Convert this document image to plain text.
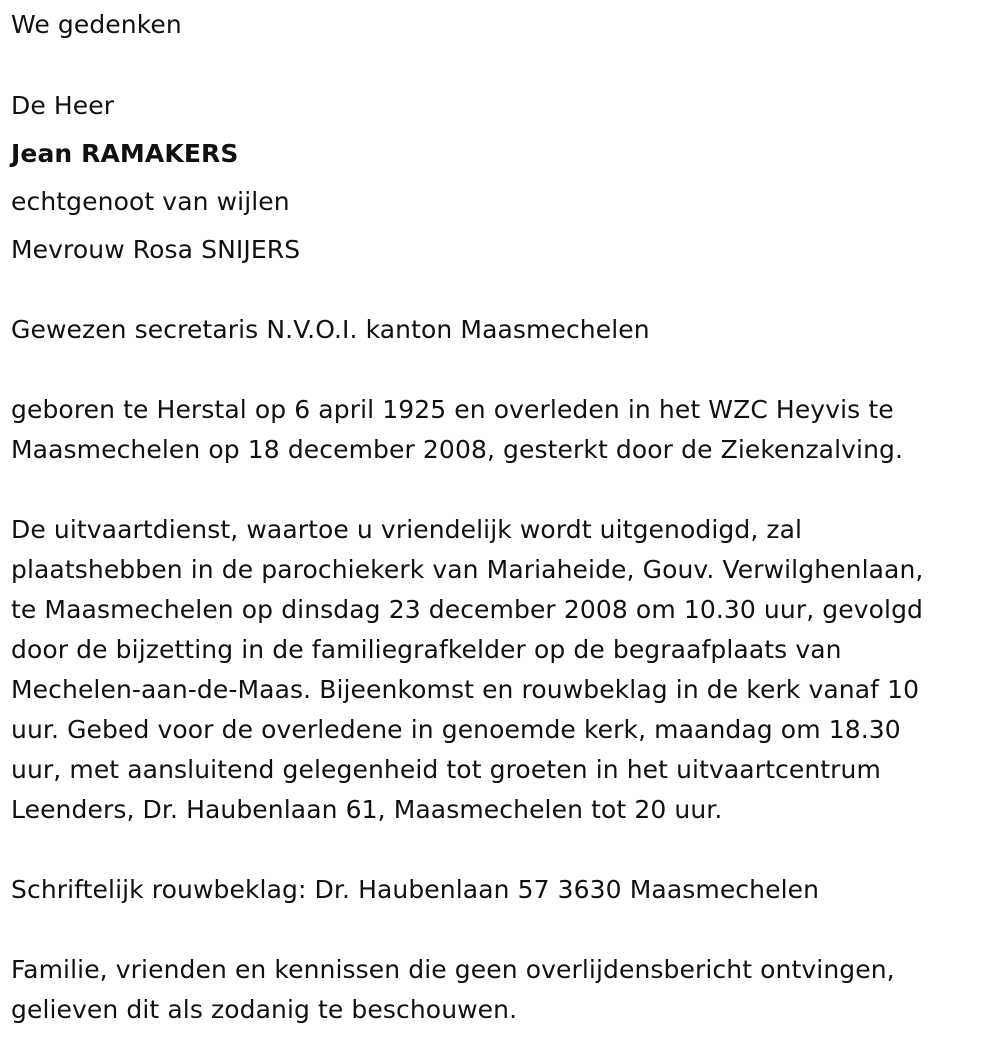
We gedenken
De Heer
Jean RAMAKERS
echtgenoot van wijlen
Mevrouw Rosa SNIJERS
Gewezen secretaris N.V.O.I. kanton Maasmechelen
geboren te Herstal op 6 april 1925 en overleden in het WZC Heyvis te
Maasmechelen op 18 december 2008, gesterkt door de Ziekenzalving.
De uitvaartdienst, waartoe u vriendelijk wordt uitgenodigd, zal
plaatshebben in de parochiekerk van Mariaheide, Gouv. Verwilghenlaan,
te Maasmechelen op dinsdag 23 december 2008 om 10.30 uur, gevolgd
door de bijzetting in de familiegrafkelder op de begraafplaats van
Mechelen-aan-de-Maas. Bijeenkomst en rouwbeklag in de kerk vanaf 10
uur. Gebed voor de overledene in genoemde kerk, maandag om 18.30
uur, met aansluitend gelegenheid tot groeten in het uitvaartcentrum
Leenders, Dr. Haubenlaan 61, Maasmechelen tot 20 uur.
Schriftelijk rouwbeklag: Dr. Haubenlaan 57 3630 Maasmechelen
Familie, vrienden en kennissen die geen overlijdensbericht ontvingen,
gelieven dit als zodanig te beschouwen.
